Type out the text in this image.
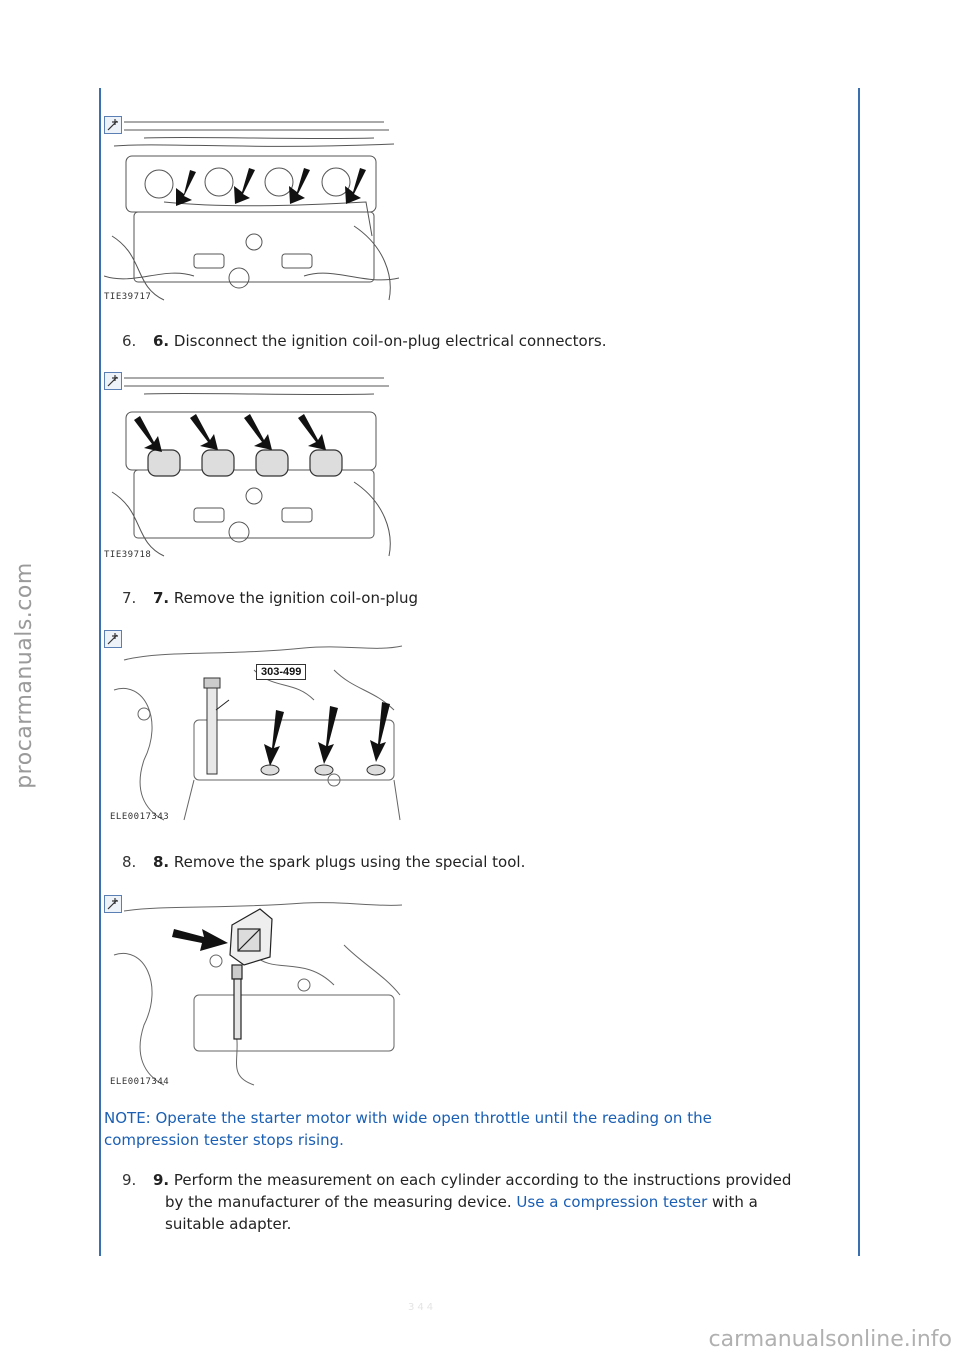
procarmanuals.com
carmanualsonline.info
344
TIE39717
6. 6. Disconnect the ignition coil-on-plug electrical connectors.
TIE39718
7. 7. Remove the ignition coil-on-plug
303-499
ELE0017343
8. 8. Remove the spark plugs using the special tool.
ELE0017344
NOTE: Operate the starter motor with wide open throttle until the reading on the
compression tester stops rising.
9. 9. Perform the measurement on each cylinder according to the instructions provided
by the manufacturer of the measuring device. Use a compression tester with a
suitable adapter.
